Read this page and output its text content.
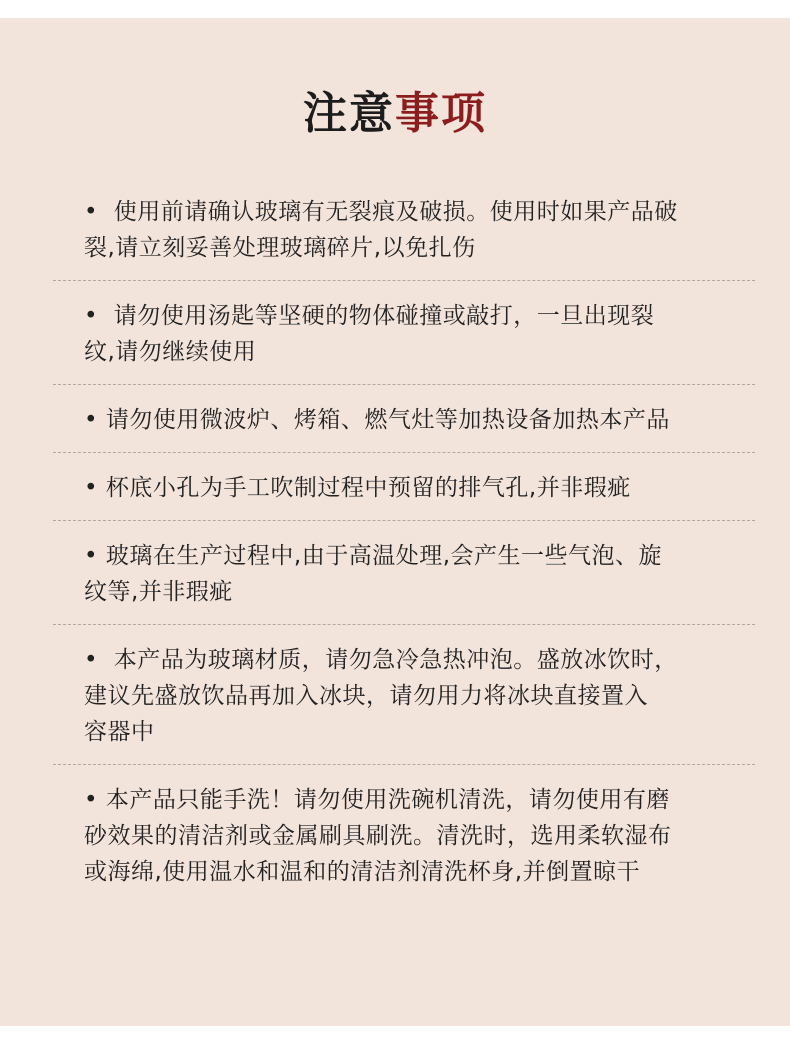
注意事项
•  使用前请确认玻璃有无裂痕及破损。使用时如果产品破
裂,请立刻妥善处理玻璃碎片,以免扎伤
•  请勿使用汤匙等坚硬的物体碰撞或敲打，一旦出现裂
纹,请勿继续使用
• 请勿使用微波炉、烤箱、燃气灶等加热设备加热本产品
• 杯底小孔为手工吹制过程中预留的排气孔,并非瑕疵
• 玻璃在生产过程中,由于高温处理,会产生一些气泡、旋
纹等,并非瑕疵
•  本产品为玻璃材质，请勿急冷急热冲泡。盛放冰饮时，
建议先盛放饮品再加入冰块，请勿用力将冰块直接置入
容器中
• 本产品只能手洗！请勿使用洗碗机清洗，请勿使用有磨
砂效果的清洁剂或金属刷具刷洗。清洗时，选用柔软湿布
或海绵,使用温水和温和的清洁剂清洗杯身,并倒置晾干
